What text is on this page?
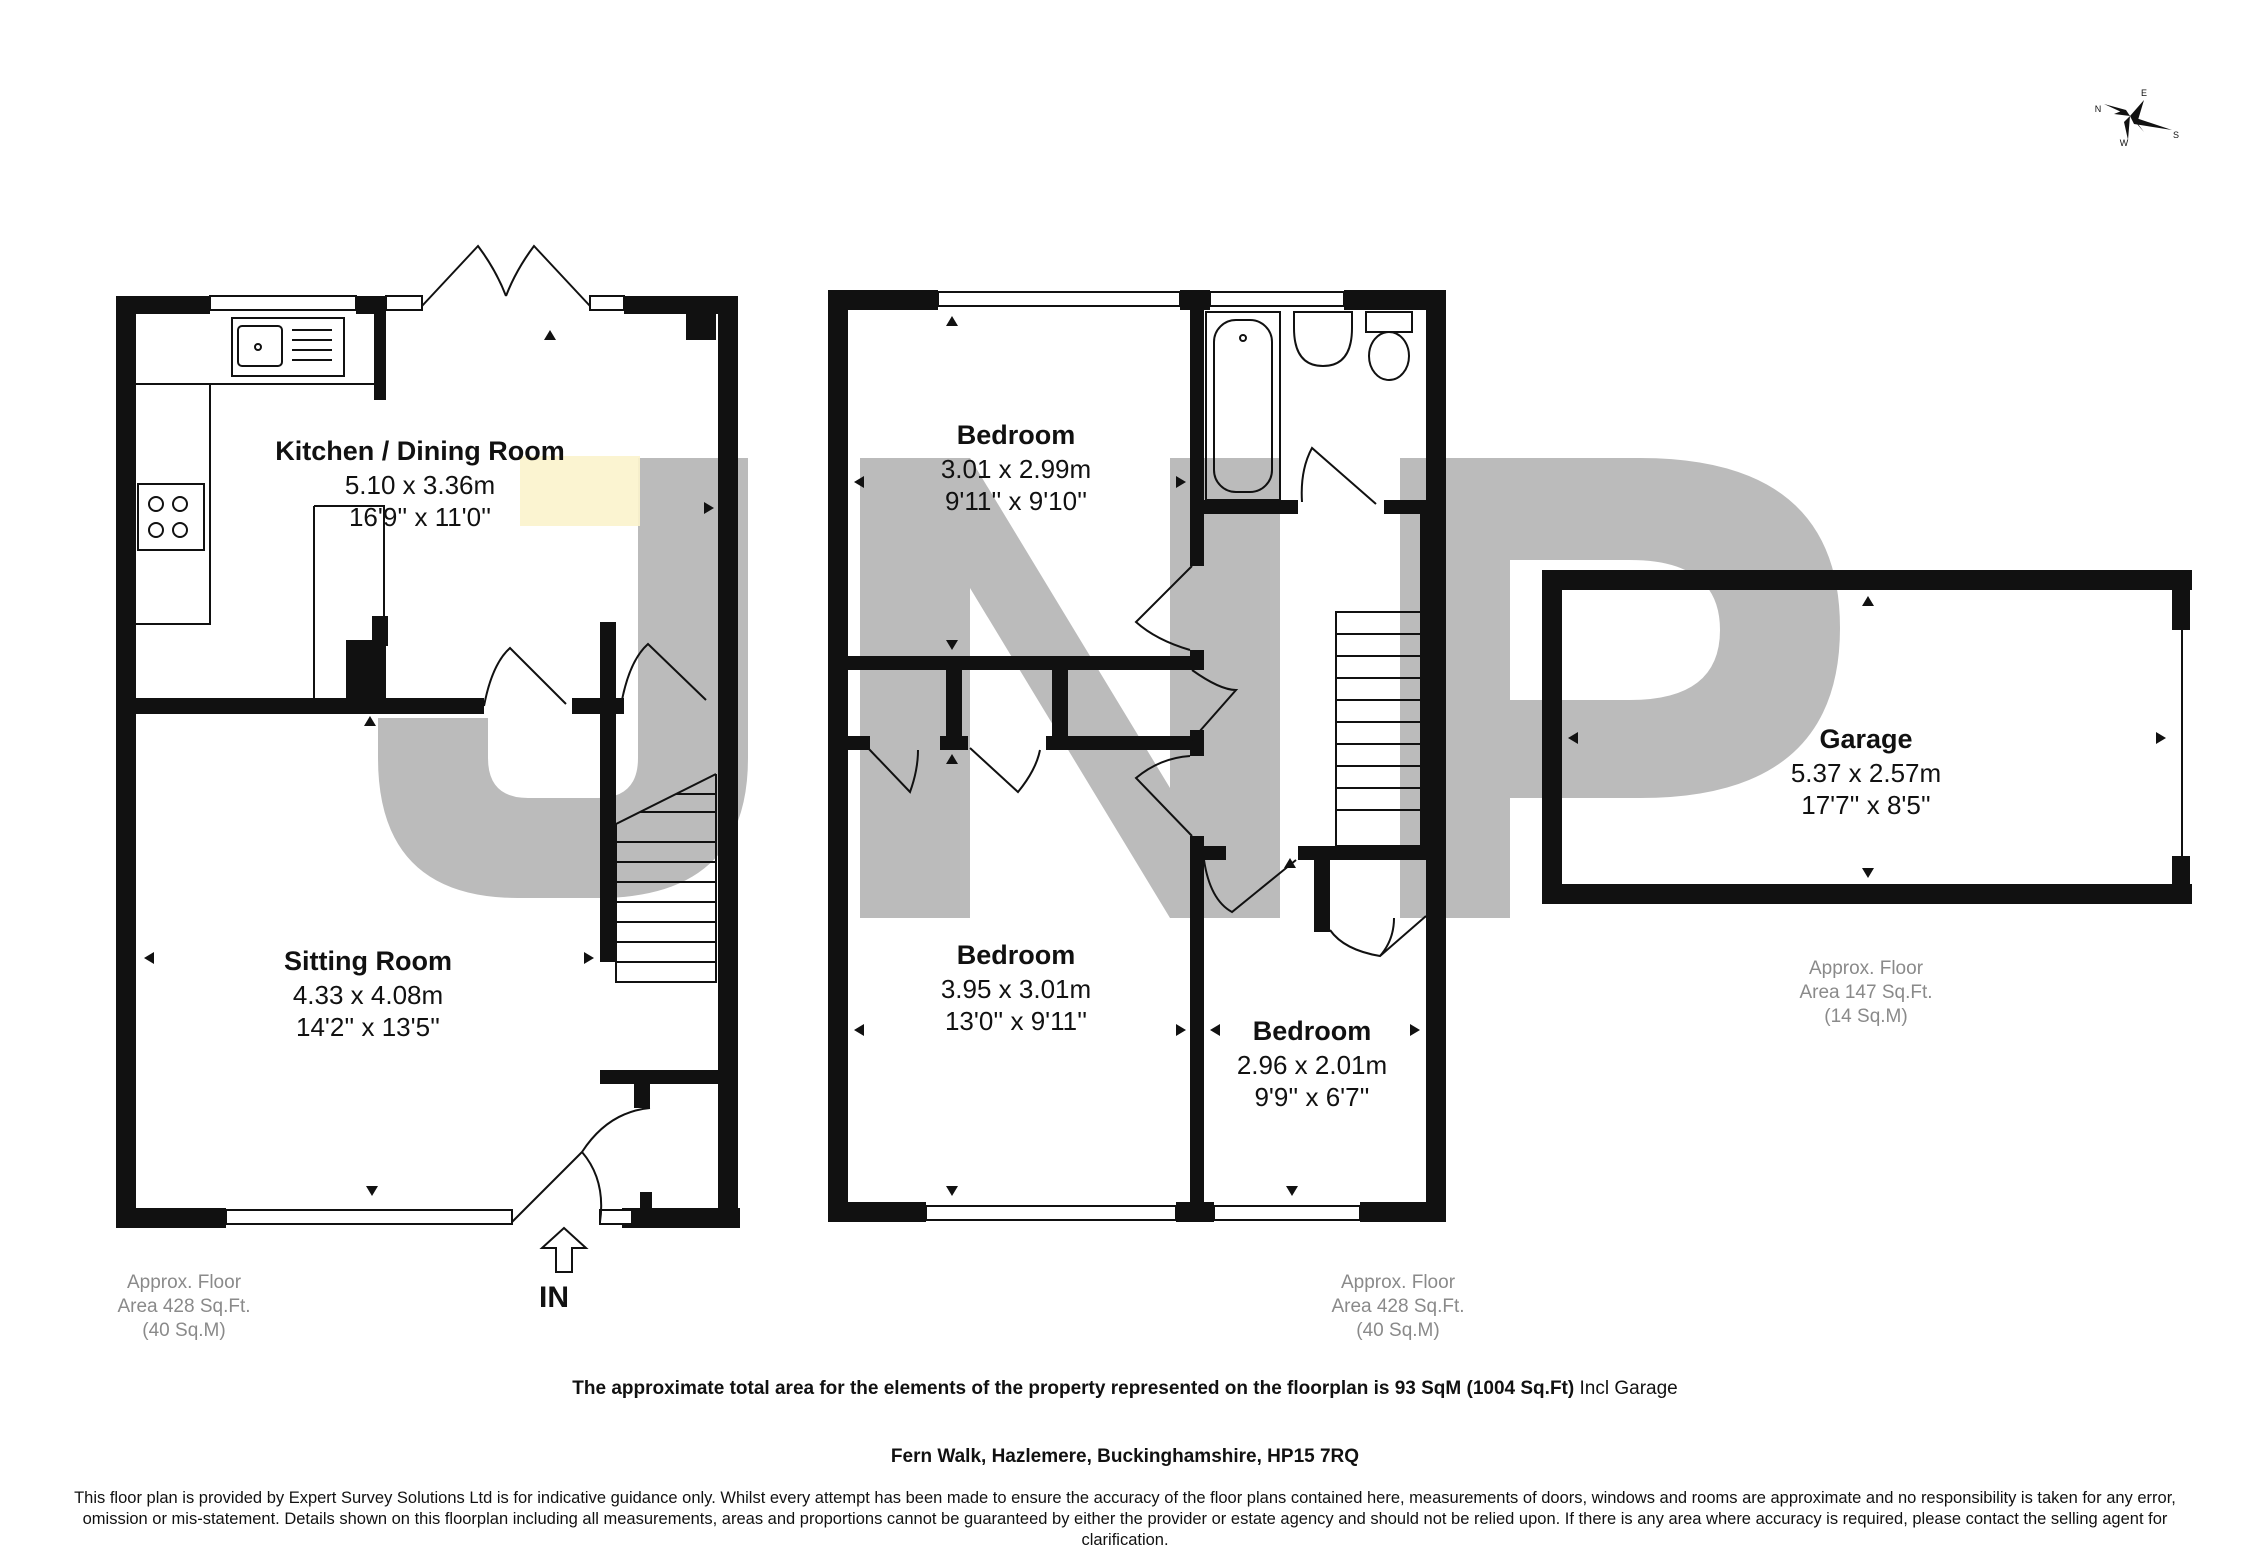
IN
Kitchen / Dining Room
5.10 x 3.36m
16'9'' x 11'0''
Sitting Room
4.33 x 4.08m
14'2'' x 13'5''
Approx. Floor
Area 428 Sq.Ft.
(40 Sq.M)
Bedroom
3.01 x 2.99m
9'11'' x 9'10''
Bedroom
3.95 x 3.01m
13'0'' x 9'11''	Bedroom
2.96 x 2.01m
9'9'' x 6'7''
Approx. Floor
Area 428 Sq.Ft.
(40 Sq.M)
Garage
5.37 x 2.57m
17'7'' x 8'5''
Approx. Floor
Area 147 Sq.Ft.
(14 Sq.M)
N
E
S
W
The approximate total area for the elements of the property represented on the floorplan is 93 SqM (1004 Sq.Ft) Incl Garage
Fern Walk, Hazlemere, Buckinghamshire, HP15 7RQ
This floor plan is provided by Expert Survey Solutions Ltd is for indicative guidance only. Whilst every attempt has been made to ensure the accuracy of the floor plans contained here, measurements of doors, windows and rooms are approximate and no responsibility is taken for any error, omission or mis-statement. Details shown on this floorplan including all measurements, areas and proportions cannot be guaranteed by either the provider or estate agency and should not be relied upon. If there is any area where accuracy is required, please contact the selling agent for clarification.
